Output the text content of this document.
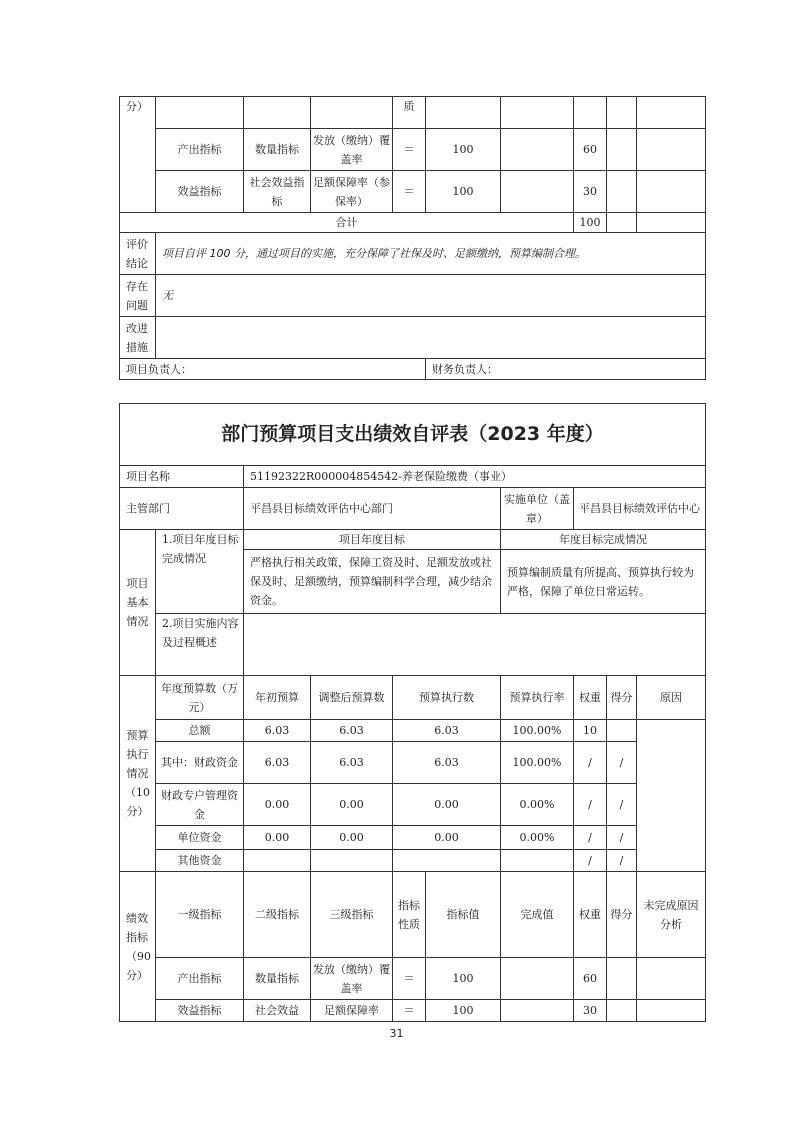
分）				质					
	产出指标	数量指标	发放（缴纳）覆盖率	＝	100		60		
	效益指标	社会效益指标	足额保障率（参保率）	＝	100		30		
合计							100		
评价结论	项目自评 100 分，通过项目的实施，充分保障了社保及时、足额缴纳，预算编制合理。								
存在问题	无								
改进措施									
项目负责人：					财务负责人：				
部门预算项目支出绩效自评表（2023 年度）									
项目名称		51192322R000004854542-养老保险缴费（事业）							
主管部门		平昌县目标绩效评估中心部门				实施单位（盖章）	平昌县目标绩效评估中心		
项目基本情况	1.项目年度目标完成情况	项目年度目标				年度目标完成情况			
		严格执行相关政策，保障工资及时、足额发放或社保及时、足额缴纳，预算编制科学合理，减少结余资金。				预算编制质量有所提高、预算执行较为严格，保障了单位日常运转。			
	2.项目实施内容及过程概述								
预算执行情况（10分）	年度预算数（万元）	年初预算	调整后预算数	预算执行数		预算执行率	权重	得分	原因
	总额	6.03	6.03	6.03		100.00%	10		
	其中：财政资金	6.03	6.03	6.03		100.00%	/	/	
	财政专户管理资金	0.00	0.00	0.00		0.00%	/	/	
	单位资金	0.00	0.00	0.00		0.00%	/	/	
	其他资金						/	/	
绩效指标（90分）	一级指标	二级指标	三级指标	指标性质	指标值	完成值	权重	得分	未完成原因分析
	产出指标	数量指标	发放（缴纳）覆盖率	＝	100		60		
	效益指标	社会效益	足额保障率	＝	100		30		
31
